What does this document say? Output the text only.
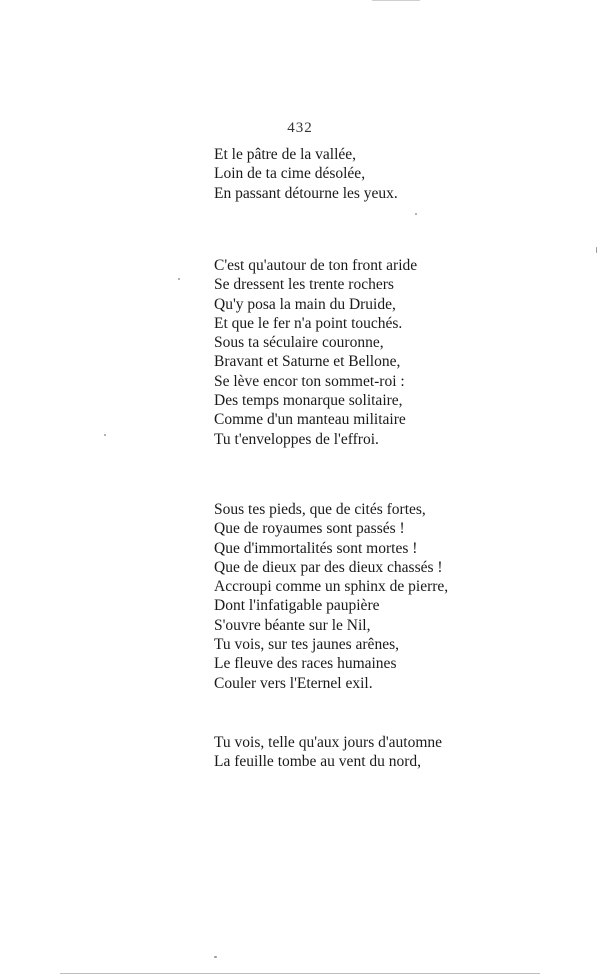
432
Et le pâtre de la vallée,
Loin de ta cime désolée,
En passant détourne les yeux.
C'est qu'autour de ton front aride
Se dressent les trente rochers
Qu'y posa la main du Druide,
Et que le fer n'a point touchés.
Sous ta séculaire couronne,
Bravant et Saturne et Bellone,
Se lève encor ton sommet-roi :
Des temps monarque solitaire,
Comme d'un manteau militaire
Tu t'enveloppes de l'effroi.
Sous tes pieds, que de cités fortes,
Que de royaumes sont passés !
Que d'immortalités sont mortes !
Que de dieux par des dieux chassés !
Accroupi comme un sphinx de pierre,
Dont l'infatigable paupière
S'ouvre béante sur le Nil,
Tu vois, sur tes jaunes arênes,
Le fleuve des races humaines
Couler vers l'Eternel exil.
Tu vois, telle qu'aux jours d'automne
La feuille tombe au vent du nord,
